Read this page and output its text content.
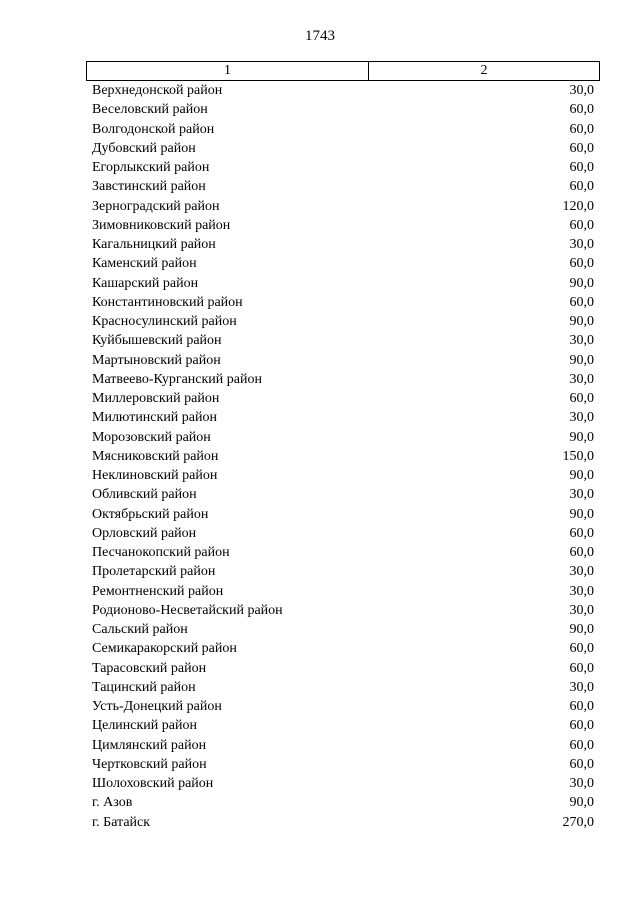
1743
1	2
Верхнедонской район	30,0
Веселовский район	60,0
Волгодонской район	60,0
Дубовский район	60,0
Егорлыкский район	60,0
Завстинский район	60,0
Зерноградский район	120,0
Зимовниковский район	60,0
Кагальницкий район	30,0
Каменский район	60,0
Кашарский район	90,0
Константиновский район	60,0
Красносулинский район	90,0
Куйбышевский район	30,0
Мартыновский район	90,0
Матвеево-Курганский район	30,0
Миллеровский район	60,0
Милютинский район	30,0
Морозовский район	90,0
Мясниковский район	150,0
Неклиновский район	90,0
Обливский район	30,0
Октябрьский район	90,0
Орловский район	60,0
Песчанокопский район	60,0
Пролетарский район	30,0
Ремонтненский район	30,0
Родионово-Несветайский район	30,0
Сальский район	90,0
Семикаракорский район	60,0
Тарасовский район	60,0
Тацинский район	30,0
Усть-Донецкий район	60,0
Целинский район	60,0
Цимлянский район	60,0
Чертковский район	60,0
Шолоховский район	30,0
г. Азов	90,0
г. Батайск	270,0
